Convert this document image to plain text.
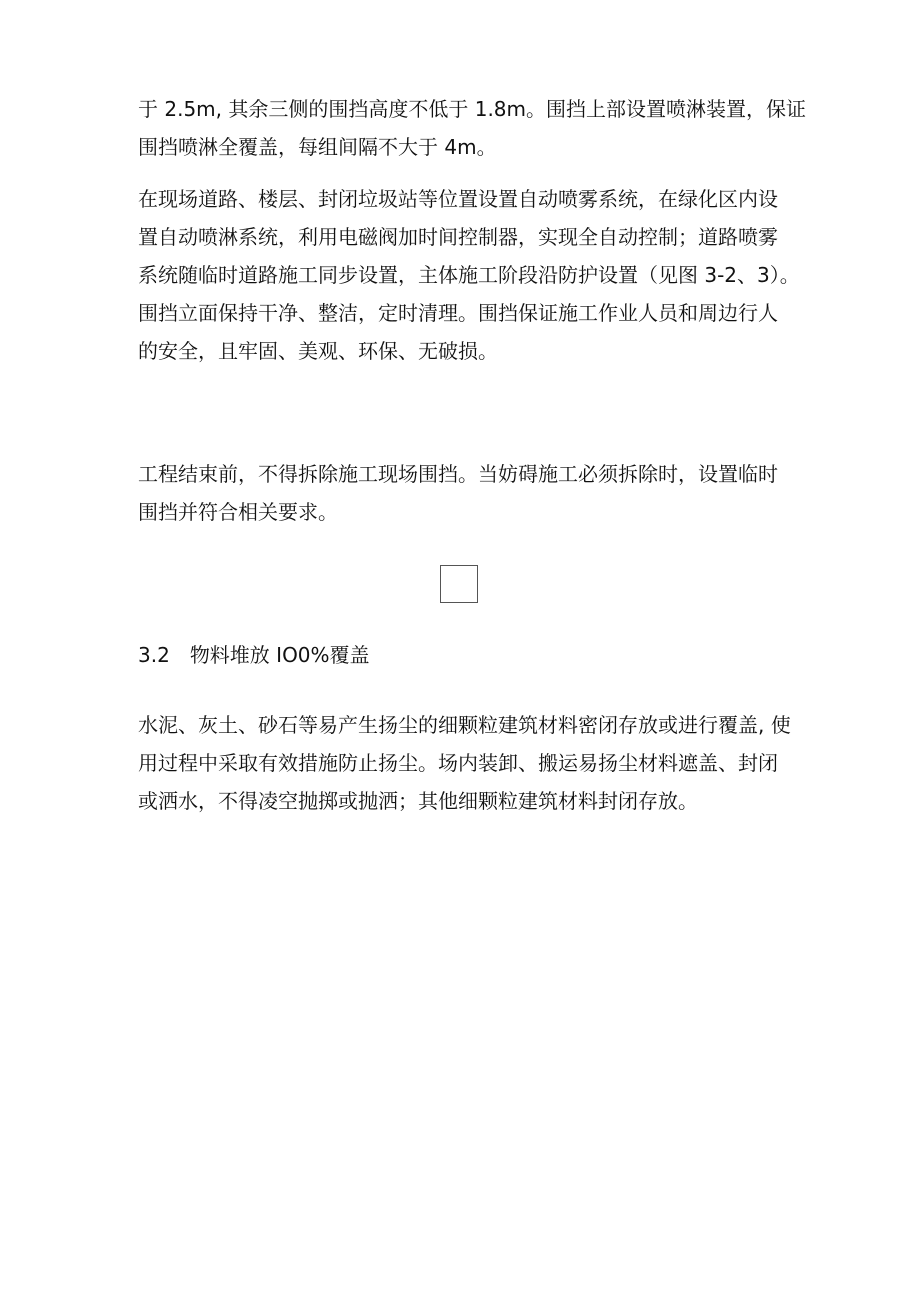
于 2.5m, 其余三侧的围挡高度不低于 1.8m。围挡上部设置喷淋装置，保证
围挡喷淋全覆盖，每组间隔不大于 4m。
在现场道路、楼层、封闭垃圾站等位置设置自动喷雾系统，在绿化区内设
置自动喷淋系统，利用电磁阀加时间控制器，实现全自动控制；道路喷雾
系统随临时道路施工同步设置，主体施工阶段沿防护设置（见图 3-2、3）。
围挡立面保持干净、整洁，定时清理。围挡保证施工作业人员和周边行人
的安全，且牢固、美观、环保、无破损。
工程结束前，不得拆除施工现场围挡。当妨碍施工必须拆除时，设置临时
围挡并符合相关要求。
3.2 物料堆放 IO0%覆盖
水泥、灰土、砂石等易产生扬尘的细颗粒建筑材料密闭存放或进行覆盖, 使
用过程中采取有效措施防止扬尘。场内装卸、搬运易扬尘材料遮盖、封闭
或洒水，不得凌空抛掷或抛洒；其他细颗粒建筑材料封闭存放。
